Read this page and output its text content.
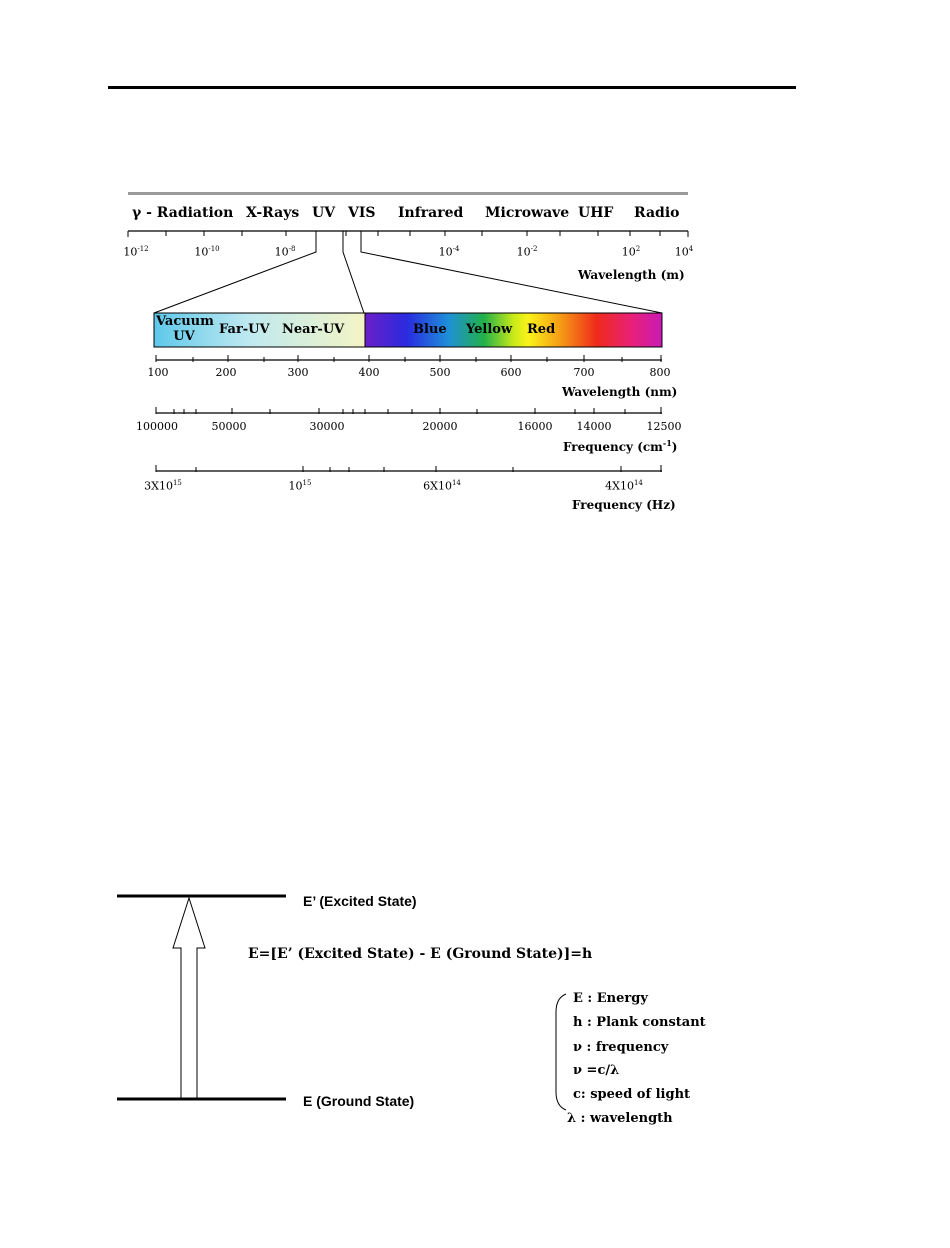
γ - Radiation X-Rays UV VIS Infrared Microwave UHF Radio
$10^{-12}$	$10^{-10}$	$10^{-8}$	$10^{-4}$	$10^{-2}$	$10^2$	$10^4$
Wavelength (m)
Vacuum
UV	Far-UV Near-UV	Blue Yellow Red
100	200	300	400	500	600	700	800
Wavelength (nm)
100000	50000	30000	20000	16000 14000	12500
Frequency $(cm^{-1})$
$3X10^{15}$	$10^{15}$	$6X10^{14}$	$4X10^{14}$
Frequency (Hz)
E’ (Excited State)
E (Ground State)
E=[E’ (Excited State) - E (Ground State)]=h
E : Energy
h : Plank constant
ν : frequency
ν =c/λ
c: speed of light
λ : wavelength
